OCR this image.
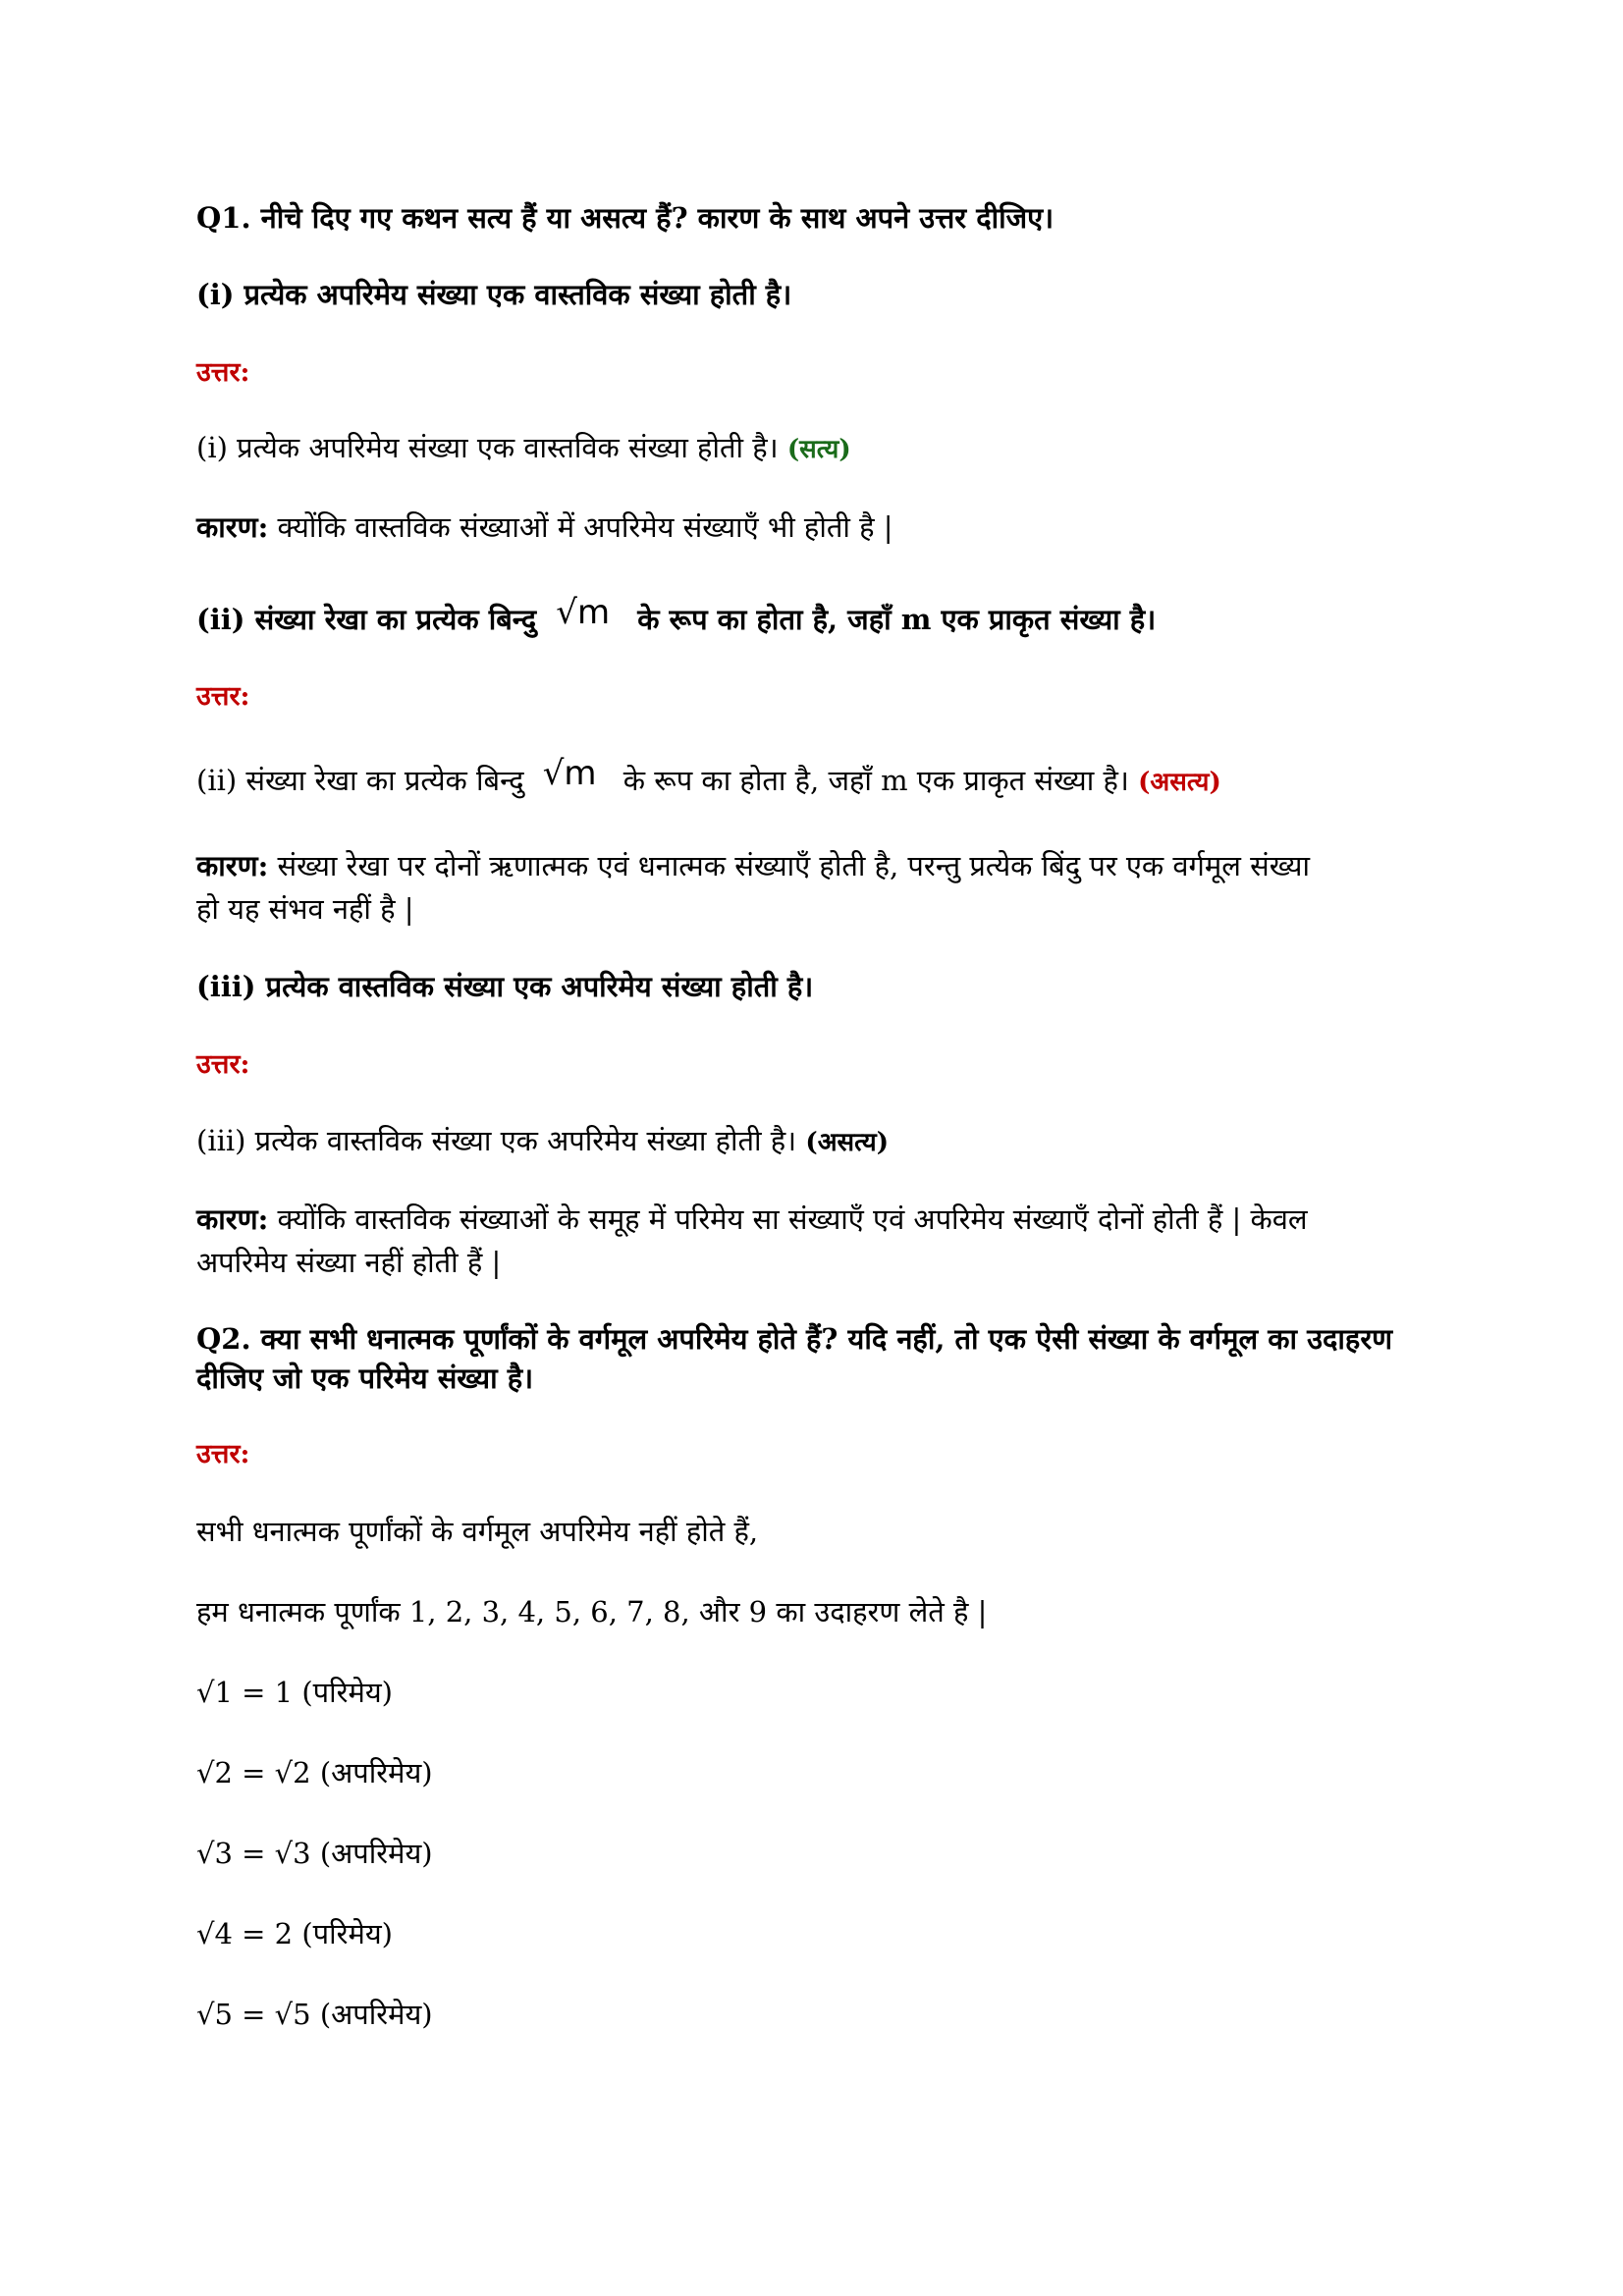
Q1. नीचे दिए गए कथन सत्य हैं या असत्य हैं? कारण के साथ अपने उत्तर दीजिए।
(i) प्रत्येक अपरिमेय संख्या एक वास्तविक संख्या होती है।
उत्तर:
(i) प्रत्येक अपरिमेय संख्या एक वास्तविक संख्या होती है। (सत्य)
कारण: क्योंकि वास्तविक संख्याओं में अपरिमेय संख्याएँ भी होती है |
(ii) संख्या रेखा का प्रत्येक बिन्दु √m के रूप का होता है, जहाँ m एक प्राकृत संख्या है।
उत्तर:
(ii) संख्या रेखा का प्रत्येक बिन्दु √m के रूप का होता है, जहाँ m एक प्राकृत संख्या है। (असत्य)
कारण: संख्या रेखा पर दोनों ऋणात्मक एवं धनात्मक संख्याएँ होती है, परन्तु प्रत्येक बिंदु पर एक वर्गमूल संख्या
हो यह संभव नहीं है |
(iii) प्रत्येक वास्तविक संख्या एक अपरिमेय संख्या होती है।
उत्तर:
(iii) प्रत्येक वास्तविक संख्या एक अपरिमेय संख्या होती है। (असत्य)
कारण: क्योंकि वास्तविक संख्याओं के समूह में परिमेय सा संख्याएँ एवं अपरिमेय संख्याएँ दोनों होती हैं | केवल
अपरिमेय संख्या नहीं होती हैं |
Q2. क्या सभी धनात्मक पूर्णांकों के वर्गमूल अपरिमेय होते हैं? यदि नहीं, तो एक ऐसी संख्या के वर्गमूल का उदाहरण
दीजिए जो एक परिमेय संख्या है।
उत्तर:
सभी धनात्मक पूर्णांकों के वर्गमूल अपरिमेय नहीं होते हैं,
हम धनात्मक पूर्णांक 1, 2, 3, 4, 5, 6, 7, 8, और 9 का उदाहरण लेते है |
√1 = 1 (परिमेय)
√2 = √2 (अपरिमेय)
√3 = √3 (अपरिमेय)
√4 = 2 (परिमेय)
√5 = √5 (अपरिमेय)
